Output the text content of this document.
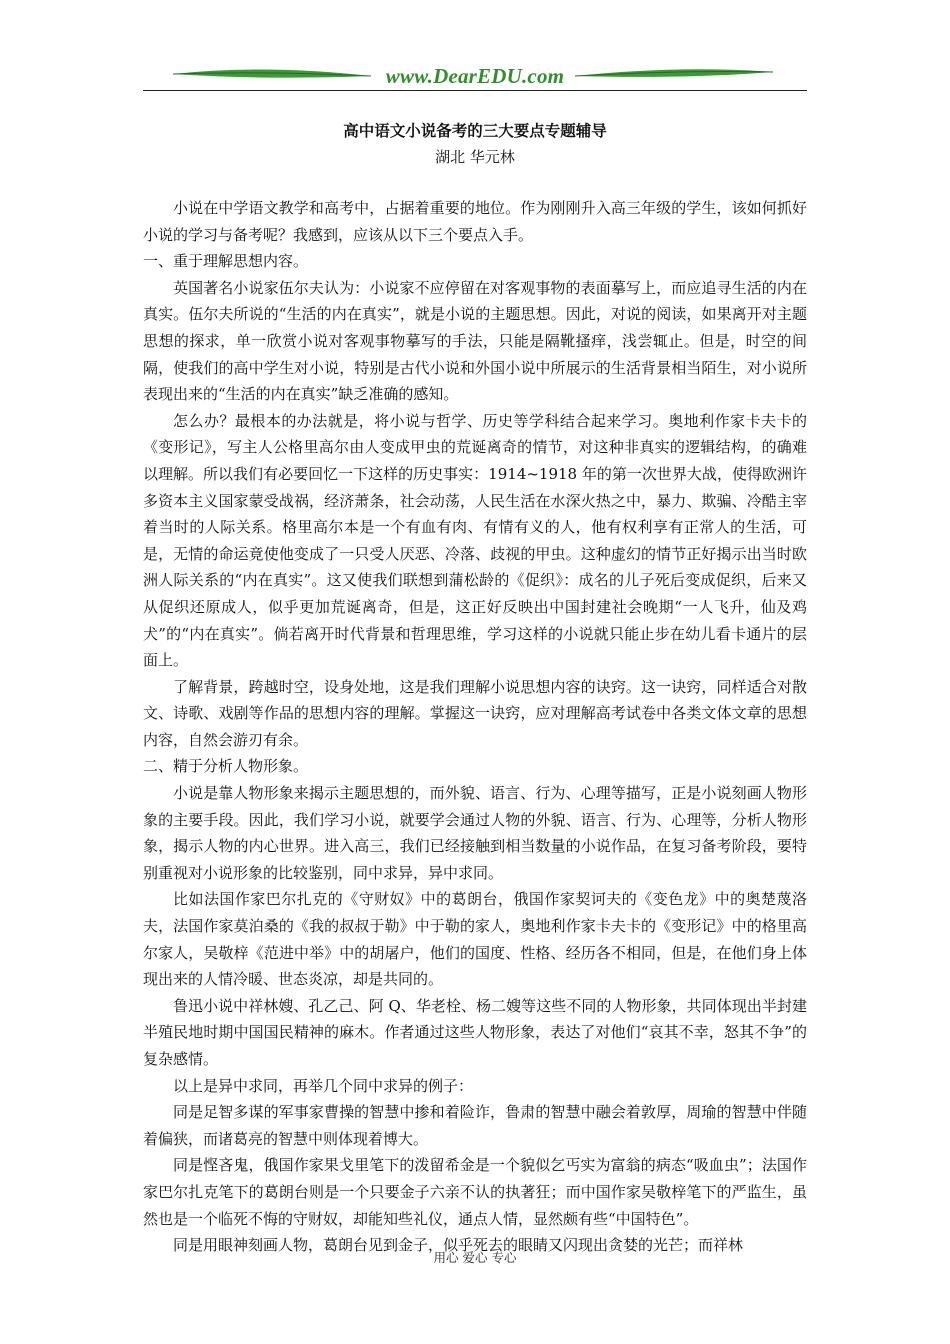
www.DearEDU.com
高中语文小说备考的三大要点专题辅导
湖北 华元林

小说在中学语文教学和高考中，占据着重要的地位。作为刚刚升入高三年级的学生，该如何抓好小说的学习与备考呢？我感到，应该从以下三个要点入手。

一、重于理解思想内容。

英国著名小说家伍尔夫认为：小说家不应停留在对客观事物的表面摹写上，而应追寻生活的内在真实。伍尔夫所说的“生活的内在真实”，就是小说的主题思想。因此，对说的阅读，如果离开对主题思想的探求，单一欣赏小说对客观事物摹写的手法，只能是隔靴搔痒，浅尝辄止。但是，时空的间隔，使我们的高中学生对小说，特别是古代小说和外国小说中所展示的生活背景相当陌生，对小说所表现出来的“生活的内在真实”缺乏准确的感知。

怎么办？最根本的办法就是，将小说与哲学、历史等学科结合起来学习。奥地利作家卡夫卡的《变形记》，写主人公格里高尔由人变成甲虫的荒诞离奇的情节，对这种非真实的逻辑结构，的确难以理解。所以我们有必要回忆一下这样的历史事实：1914~1918 年的第一次世界大战，使得欧洲许多资本主义国家蒙受战祸，经济萧条，社会动荡，人民生活在水深火热之中，暴力、欺骗、冷酷主宰着当时的人际关系。格里高尔本是一个有血有肉、有情有义的人，他有权利享有正常人的生活，可是，无情的命运竟使他变成了一只受人厌恶、冷落、歧视的甲虫。这种虚幻的情节正好揭示出当时欧洲人际关系的“内在真实”。这又使我们联想到蒲松龄的《促织》：成名的儿子死后变成促织，后来又从促织还原成人，似乎更加荒诞离奇，但是，这正好反映出中国封建社会晚期“一人飞升，仙及鸡犬”的“内在真实”。倘若离开时代背景和哲理思维，学习这样的小说就只能止步在幼儿看卡通片的层面上。

了解背景，跨越时空，设身处地，这是我们理解小说思想内容的诀窍。这一诀窍，同样适合对散文、诗歌、戏剧等作品的思想内容的理解。掌握这一诀窍，应对理解高考试卷中各类文体文章的思想内容，自然会游刃有余。

二、精于分析人物形象。

小说是靠人物形象来揭示主题思想的，而外貌、语言、行为、心理等描写，正是小说刻画人物形象的主要手段。因此，我们学习小说，就要学会通过人物的外貌、语言、行为、心理等，分析人物形象，揭示人物的内心世界。进入高三，我们已经接触到相当数量的小说作品，在复习备考阶段，要特别重视对小说形象的比较鉴别，同中求异，异中求同。

比如法国作家巴尔扎克的《守财奴》中的葛朗台，俄国作家契诃夫的《变色龙》中的奥楚蔑洛夫，法国作家莫泊桑的《我的叔叔于勒》中于勒的家人，奥地利作家卡夫卡的《变形记》中的格里高尔家人，吴敬梓《范进中举》中的胡屠户，他们的国度、性格、经历各不相同，但是，在他们身上体现出来的人情冷暖、世态炎凉，却是共同的。

鲁迅小说中祥林嫂、孔乙己、阿 Q、华老栓、杨二嫂等这些不同的人物形象，共同体现出半封建半殖民地时期中国国民精神的麻木。作者通过这些人物形象，表达了对他们“哀其不幸，怒其不争”的复杂感情。

以上是异中求同，再举几个同中求异的例子：

同是足智多谋的军事家曹操的智慧中掺和着险诈，鲁肃的智慧中融会着敦厚，周瑜的智慧中伴随着偏狭，而诸葛亮的智慧中则体现着博大。

同是悭吝鬼，俄国作家果戈里笔下的泼留希金是一个貌似乞丐实为富翁的病态“吸血虫”；法国作家巴尔扎克笔下的葛朗台则是一个只要金子六亲不认的执著狂；而中国作家吴敬梓笔下的严监生，虽然也是一个临死不悔的守财奴，却能知些礼仪，通点人情，显然颇有些“中国特色”。

同是用眼神刻画人物，葛朗台见到金子，似乎死去的眼睛又闪现出贪婪的光芒；而祥林

用心 爱心 专心
